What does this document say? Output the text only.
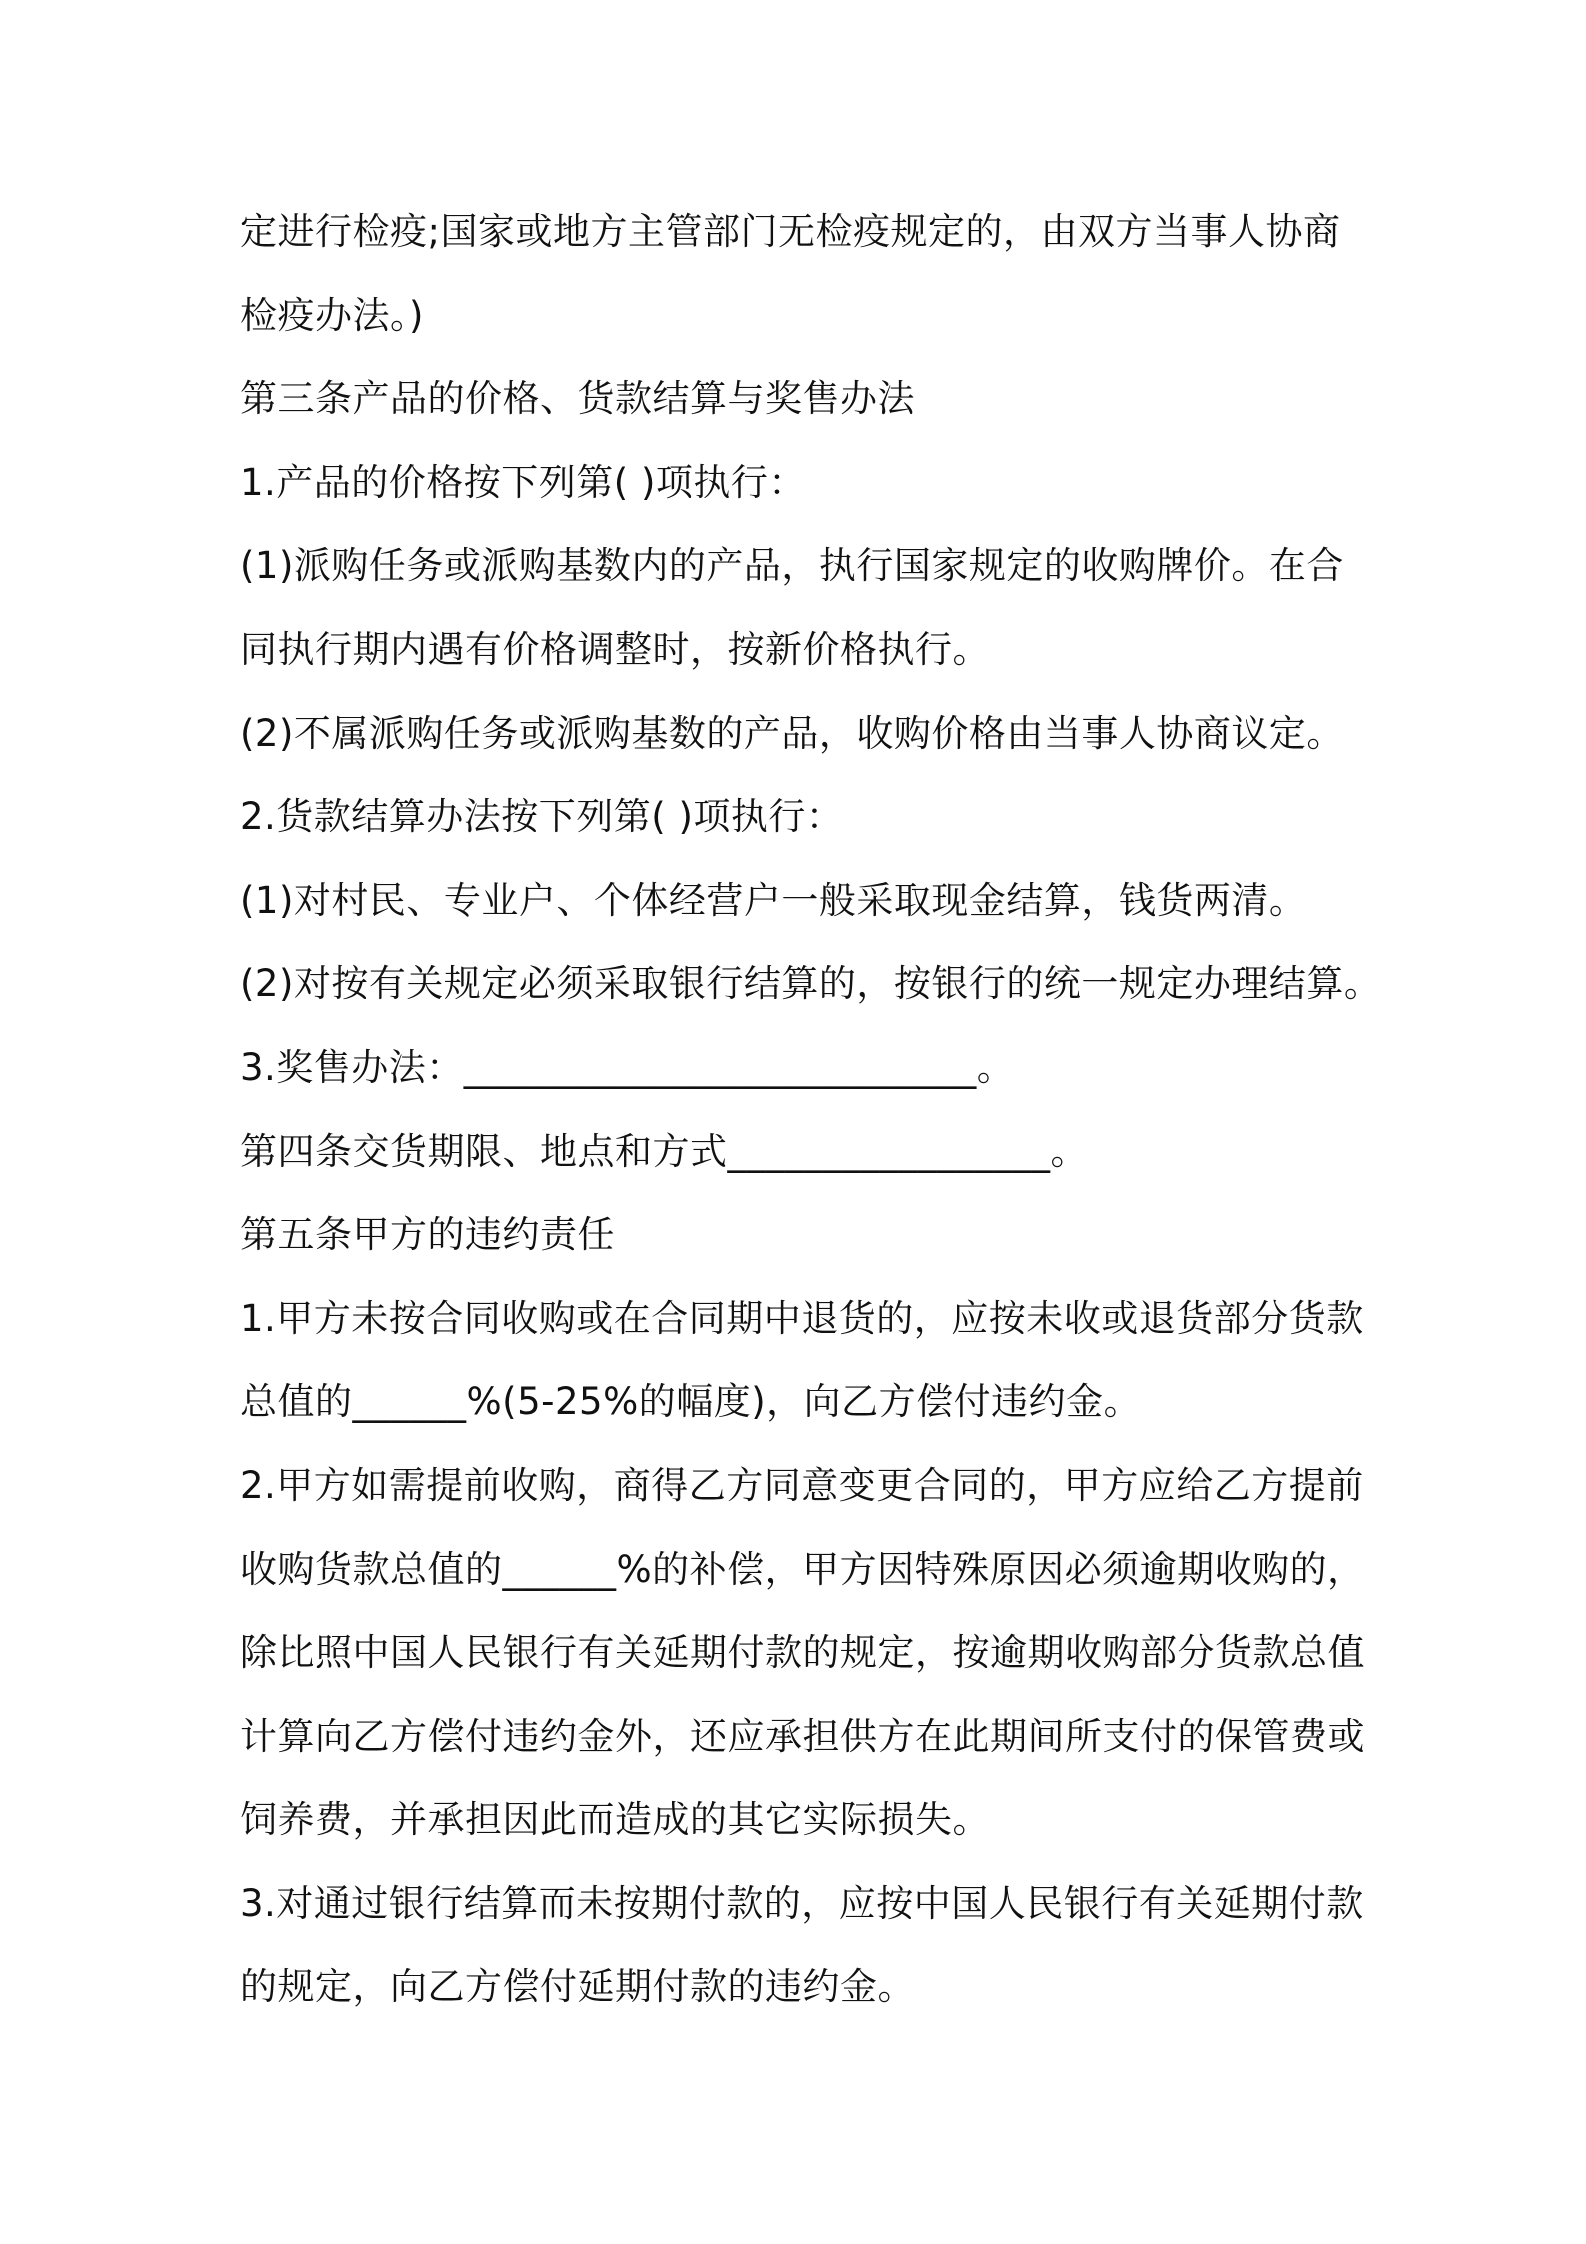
定进行检疫;国家或地方主管部门无检疫规定的，由双方当事人协商
检疫办法。)
第三条产品的价格、货款结算与奖售办法
1.产品的价格按下列第( )项执行：
(1)派购任务或派购基数内的产品，执行国家规定的收购牌价。在合
同执行期内遇有价格调整时，按新价格执行。
(2)不属派购任务或派购基数的产品，收购价格由当事人协商议定。
2.货款结算办法按下列第( )项执行：
(1)对村民、专业户、个体经营户一般采取现金结算，钱货两清。
(2)对按有关规定必须采取银行结算的，按银行的统一规定办理结算。
3.奖售办法：___________________________。
第四条交货期限、地点和方式_________________。
第五条甲方的违约责任
1.甲方未按合同收购或在合同期中退货的，应按未收或退货部分货款
总值的______%(5-25%的幅度)，向乙方偿付违约金。
2.甲方如需提前收购，商得乙方同意变更合同的，甲方应给乙方提前
收购货款总值的______%的补偿，甲方因特殊原因必须逾期收购的，
除比照中国人民银行有关延期付款的规定，按逾期收购部分货款总值
计算向乙方偿付违约金外，还应承担供方在此期间所支付的保管费或
饲养费，并承担因此而造成的其它实际损失。
3.对通过银行结算而未按期付款的，应按中国人民银行有关延期付款
的规定，向乙方偿付延期付款的违约金。
